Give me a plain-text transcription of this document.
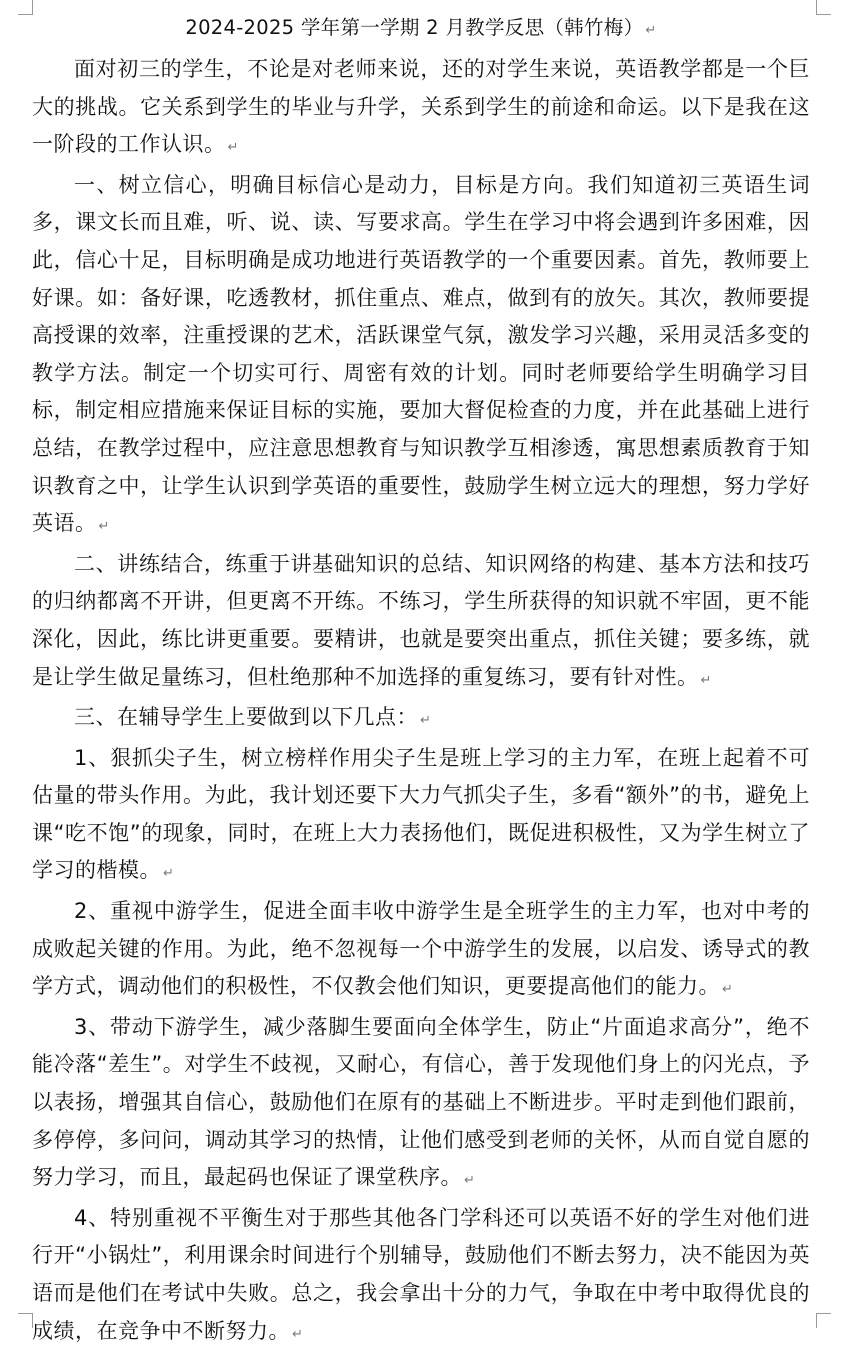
2024-2025 学年第一学期 2 月教学反思（韩竹梅） ↵

面对初三的学生，不论是对老师来说，还的对学生来说，英语教学都是一个巨大的挑战。它关系到学生的毕业与升学，关系到学生的前途和命运。以下是我在这一阶段的工作认识。 ↵

一、树立信心，明确目标信心是动力，目标是方向。我们知道初三英语生词多，课文长而且难，听、说、读、写要求高。学生在学习中将会遇到许多困难，因此，信心十足，目标明确是成功地进行英语教学的一个重要因素。首先，教师要上好课。如：备好课，吃透教材，抓住重点、难点，做到有的放矢。其次，教师要提高授课的效率，注重授课的艺术，活跃课堂气氛，激发学习兴趣，采用灵活多变的教学方法。制定一个切实可行、周密有效的计划。同时老师要给学生明确学习目标，制定相应措施来保证目标的实施，要加大督促检查的力度，并在此基础上进行总结，在教学过程中，应注意思想教育与知识教学互相渗透，寓思想素质教育于知识教育之中，让学生认识到学英语的重要性，鼓励学生树立远大的理想，努力学好英语。 ↵

二、讲练结合，练重于讲基础知识的总结、知识网络的构建、基本方法和技巧的归纳都离不开讲，但更离不开练。不练习，学生所获得的知识就不牢固，更不能深化，因此，练比讲更重要。要精讲，也就是要突出重点，抓住关键；要多练，就是让学生做足量练习，但杜绝那种不加选择的重复练习，要有针对性。 ↵

三、在辅导学生上要做到以下几点： ↵

1、狠抓尖子生，树立榜样作用尖子生是班上学习的主力军，在班上起着不可估量的带头作用。为此，我计划还要下大力气抓尖子生，多看“额外”的书，避免上课“吃不饱”的现象，同时，在班上大力表扬他们，既促进积极性，又为学生树立了学习的楷模。 ↵

2、重视中游学生，促进全面丰收中游学生是全班学生的主力军，也对中考的成败起关键的作用。为此，绝不忽视每一个中游学生的发展，以启发、诱导式的教学方式，调动他们的积极性，不仅教会他们知识，更要提高他们的能力。 ↵

3、带动下游学生，减少落脚生要面向全体学生，防止“片面追求高分”，绝不能冷落“差生”。对学生不歧视，又耐心，有信心，善于发现他们身上的闪光点，予以表扬，增强其自信心，鼓励他们在原有的基础上不断进步。平时走到他们跟前，多停停，多问问，调动其学习的热情，让他们感受到老师的关怀，从而自觉自愿的努力学习，而且，最起码也保证了课堂秩序。 ↵

4、特别重视不平衡生对于那些其他各门学科还可以英语不好的学生对他们进行开“小锅灶”，利用课余时间进行个别辅导，鼓励他们不断去努力，决不能因为英语而是他们在考试中失败。总之，我会拿出十分的力气，争取在中考中取得优良的成绩，在竞争中不断努力。 ↵
